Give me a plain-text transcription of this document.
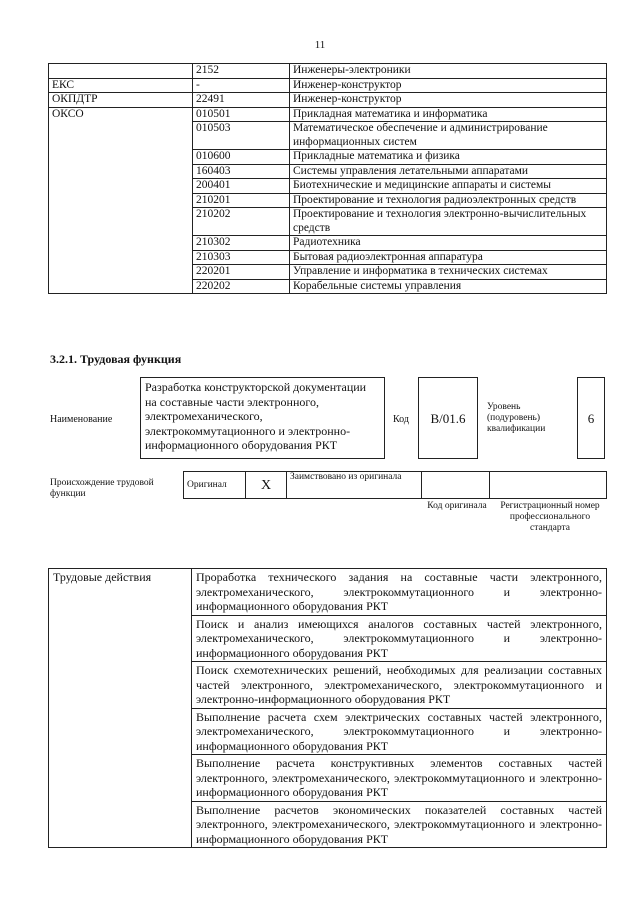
11
	2152	Инженеры-электроники
ЕКС	-	Инженер-конструктор
ОКПДТР	22491	Инженер-конструктор
ОКСО	010501	Прикладная математика и информатика
	010503	Математическое обеспечение и администрирование информационных систем
	010600	Прикладные математика и физика
	160403	Системы управления летательными аппаратами
	200401	Биотехнические и медицинские аппараты и системы
	210201	Проектирование и технология радиоэлектронных средств
	210202	Проектирование и технология электронно-вычислительных средств
	210302	Радиотехника
	210303	Бытовая радиоэлектронная аппаратура
	220201	Управление и информатика в технических системах
	220202	Корабельные системы управления
3.2.1. Трудовая функция
Наименование
Разработка конструкторской документации на составные части электронного, электромеханического, электрокоммутационного и электронно-информационного оборудования РКТ
Код	B/01.6
Уровень (подуровень) квалификации
6
Происхождение трудовой функции
Оригинал	X	Заимствовано из оригинала		
Код оригинала	Регистрационный номер профессионального стандарта
Трудовые действия	Проработка технического задания на составные части электронного, электромеханического, электрокоммутационного и электронно-информационного оборудования РКТ
	Поиск и анализ имеющихся аналогов составных частей электронного, электромеханического, электрокоммутационного и электронно-информационного оборудования РКТ
	Поиск схемотехнических решений, необходимых для реализации составных частей электронного, электромеханического, электрокоммутационного и электронно-информационного оборудования РКТ
	Выполнение расчета схем электрических составных частей электронного, электромеханического, электрокоммутационного и электронно-информационного оборудования РКТ
	Выполнение расчета конструктивных элементов составных частей электронного, электромеханического, электрокоммутационного и электронно-информационного оборудования РКТ
	Выполнение расчетов экономических показателей составных частей электронного, электромеханического, электрокоммутационного и электронно-информационного оборудования РКТ
